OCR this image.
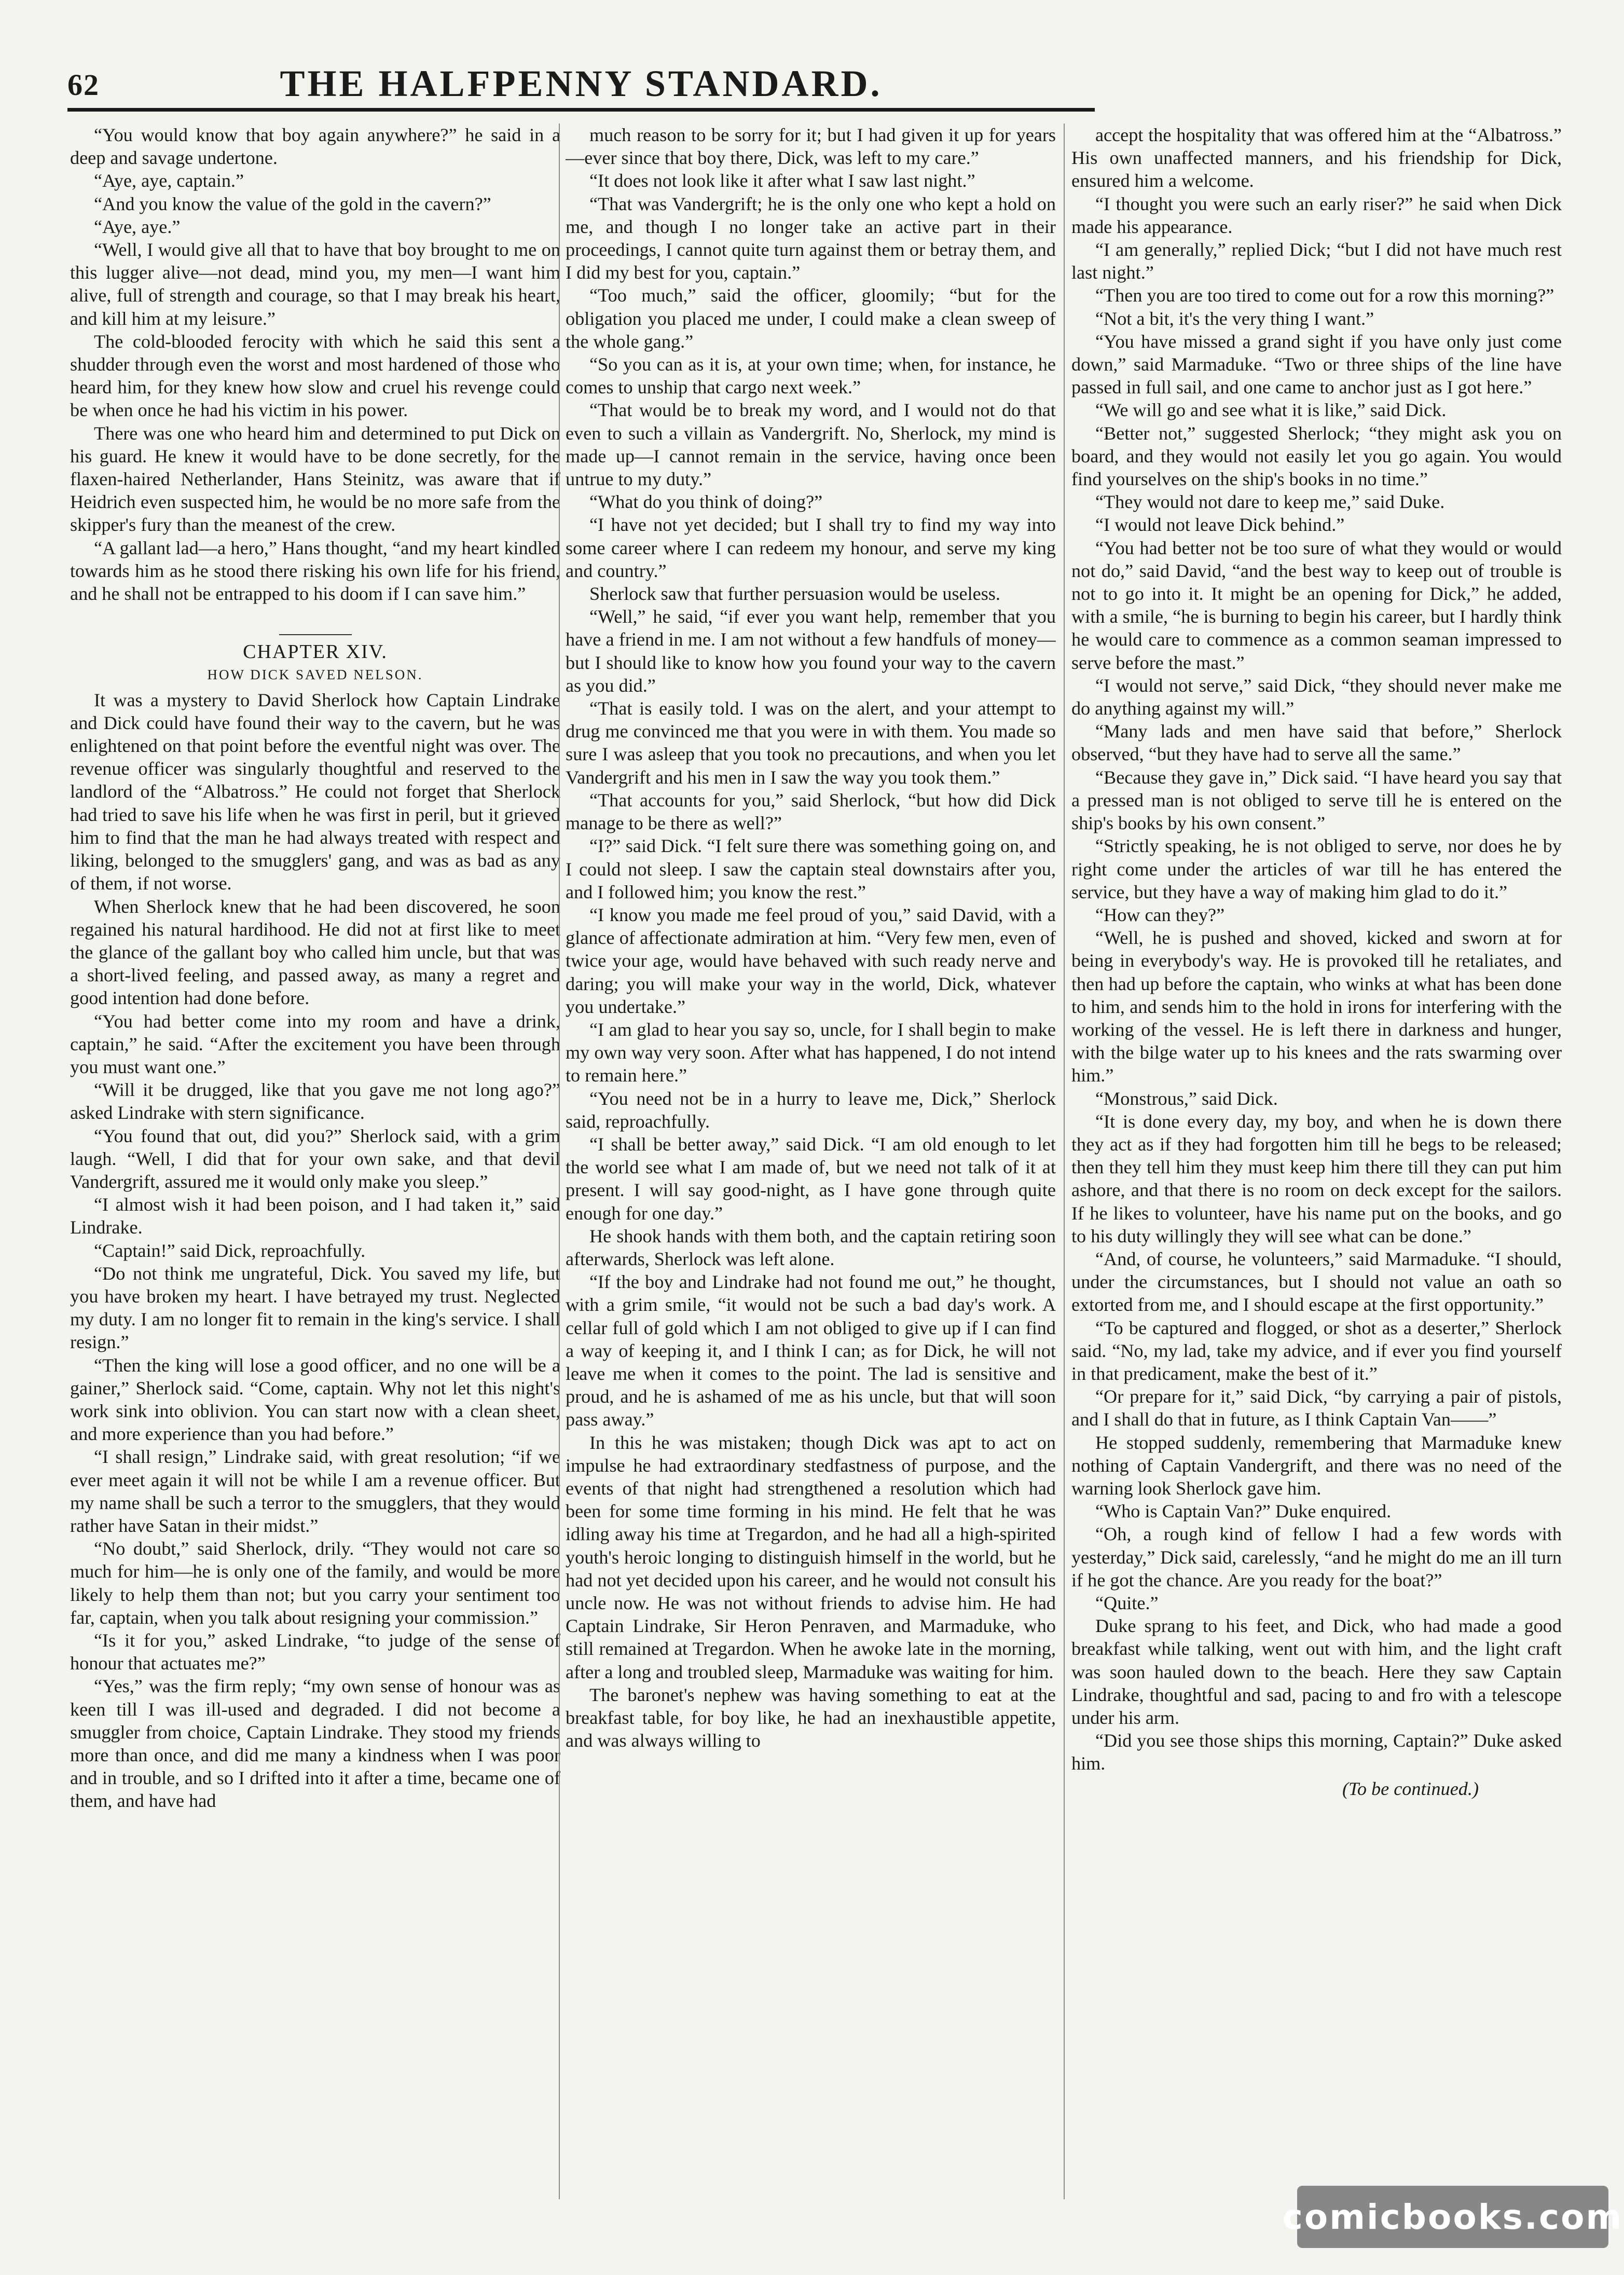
62	THE HALFPENNY STANDARD.

“You would know that boy again anywhere?” he said in a deep and savage undertone.

“Aye, aye, captain.”

“And you know the value of the gold in the cavern?”

“Aye, aye.”

“Well, I would give all that to have that boy brought to me on this lugger alive—not dead, mind you, my men—I want him alive, full of strength and courage, so that I may break his heart, and kill him at my leisure.”

The cold-blooded ferocity with which he said this sent a shudder through even the worst and most hardened of those who heard him, for they knew how slow and cruel his revenge could be when once he had his victim in his power.

There was one who heard him and determined to put Dick on his guard. He knew it would have to be done secretly, for the flaxen-haired Netherlander, Hans Steinitz, was aware that if Heidrich even suspected him, he would be no more safe from the skipper's fury than the meanest of the crew.

“A gallant lad—a hero,” Hans thought, “and my heart kindled towards him as he stood there risking his own life for his friend, and he shall not be entrapped to his doom if I can save him.”

CHAPTER XIV.
HOW DICK SAVED NELSON.

It was a mystery to David Sherlock how Captain Lindrake and Dick could have found their way to the cavern, but he was enlightened on that point before the eventful night was over. The revenue officer was singularly thoughtful and reserved to the landlord of the “Albatross.” He could not forget that Sherlock had tried to save his life when he was first in peril, but it grieved him to find that the man he had always treated with respect and liking, belonged to the smugglers' gang, and was as bad as any of them, if not worse.

When Sherlock knew that he had been discovered, he soon regained his natural hardihood. He did not at first like to meet the glance of the gallant boy who called him uncle, but that was a short-lived feeling, and passed away, as many a regret and good intention had done before.

“You had better come into my room and have a drink, captain,” he said. “After the excitement you have been through you must want one.”

“Will it be drugged, like that you gave me not long ago?” asked Lindrake with stern significance.

“You found that out, did you?” Sherlock said, with a grim laugh. “Well, I did that for your own sake, and that devil Vandergrift, assured me it would only make you sleep.”

“I almost wish it had been poison, and I had taken it,” said Lindrake.

“Captain!” said Dick, reproachfully.

“Do not think me ungrateful, Dick. You saved my life, but you have broken my heart. I have betrayed my trust. Neglected my duty. I am no longer fit to remain in the king's service. I shall resign.”

“Then the king will lose a good officer, and no one will be a gainer,” Sherlock said. “Come, captain. Why not let this night's work sink into oblivion. You can start now with a clean sheet, and more experience than you had before.”

“I shall resign,” Lindrake said, with great resolution; “if we ever meet again it will not be while I am a revenue officer. But my name shall be such a terror to the smugglers, that they would rather have Satan in their midst.”

“No doubt,” said Sherlock, drily. “They would not care so much for him—he is only one of the family, and would be more likely to help them than not; but you carry your sentiment too far, captain, when you talk about resigning your commission.”

“Is it for you,” asked Lindrake, “to judge of the sense of honour that actuates me?”

“Yes,” was the firm reply; “my own sense of honour was as keen till I was ill-used and degraded. I did not become a smuggler from choice, Captain Lindrake. They stood my friends more than once, and did me many a kindness when I was poor and in trouble, and so I drifted into it after a time, became one of them, and have had

much reason to be sorry for it; but I had given it up for years—ever since that boy there, Dick, was left to my care.”

“It does not look like it after what I saw last night.”

“That was Vandergrift; he is the only one who kept a hold on me, and though I no longer take an active part in their proceedings, I cannot quite turn against them or betray them, and I did my best for you, captain.”

“Too much,” said the officer, gloomily; “but for the obligation you placed me under, I could make a clean sweep of the whole gang.”

“So you can as it is, at your own time; when, for instance, he comes to unship that cargo next week.”

“That would be to break my word, and I would not do that even to such a villain as Vandergrift. No, Sherlock, my mind is made up—I cannot remain in the service, having once been untrue to my duty.”

“What do you think of doing?”

“I have not yet decided; but I shall try to find my way into some career where I can redeem my honour, and serve my king and country.”

Sherlock saw that further persuasion would be useless.

“Well,” he said, “if ever you want help, remember that you have a friend in me. I am not without a few handfuls of money—but I should like to know how you found your way to the cavern as you did.”

“That is easily told. I was on the alert, and your attempt to drug me convinced me that you were in with them. You made so sure I was asleep that you took no precautions, and when you let Vandergrift and his men in I saw the way you took them.”

“That accounts for you,” said Sherlock, “but how did Dick manage to be there as well?”

“I?” said Dick. “I felt sure there was something going on, and I could not sleep. I saw the captain steal downstairs after you, and I followed him; you know the rest.”

“I know you made me feel proud of you,” said David, with a glance of affectionate admiration at him. “Very few men, even of twice your age, would have behaved with such ready nerve and daring; you will make your way in the world, Dick, whatever you undertake.”

“I am glad to hear you say so, uncle, for I shall begin to make my own way very soon. After what has happened, I do not intend to remain here.”

“You need not be in a hurry to leave me, Dick,” Sherlock said, reproachfully.

“I shall be better away,” said Dick. “I am old enough to let the world see what I am made of, but we need not talk of it at present. I will say good-night, as I have gone through quite enough for one day.”

He shook hands with them both, and the captain retiring soon afterwards, Sherlock was left alone.

“If the boy and Lindrake had not found me out,” he thought, with a grim smile, “it would not be such a bad day's work. A cellar full of gold which I am not obliged to give up if I can find a way of keeping it, and I think I can; as for Dick, he will not leave me when it comes to the point. The lad is sensitive and proud, and he is ashamed of me as his uncle, but that will soon pass away.”

In this he was mistaken; though Dick was apt to act on impulse he had extraordinary stedfastness of purpose, and the events of that night had strengthened a resolution which had been for some time forming in his mind. He felt that he was idling away his time at Tregardon, and he had all a high-spirited youth's heroic longing to distinguish himself in the world, but he had not yet decided upon his career, and he would not consult his uncle now. He was not without friends to advise him. He had Captain Lindrake, Sir Heron Penraven, and Marmaduke, who still remained at Tregardon. When he awoke late in the morning, after a long and troubled sleep, Marmaduke was waiting for him.

The baronet's nephew was having something to eat at the breakfast table, for boy like, he had an inexhaustible appetite, and was always willing to

accept the hospitality that was offered him at the “Albatross.” His own unaffected manners, and his friendship for Dick, ensured him a welcome.

“I thought you were such an early riser?” he said when Dick made his appearance.

“I am generally,” replied Dick; “but I did not have much rest last night.”

“Then you are too tired to come out for a row this morning?”

“Not a bit, it's the very thing I want.”

“You have missed a grand sight if you have only just come down,” said Marmaduke. “Two or three ships of the line have passed in full sail, and one came to anchor just as I got here.”

“We will go and see what it is like,” said Dick.

“Better not,” suggested Sherlock; “they might ask you on board, and they would not easily let you go again. You would find yourselves on the ship's books in no time.”

“They would not dare to keep me,” said Duke.

“I would not leave Dick behind.”

“You had better not be too sure of what they would or would not do,” said David, “and the best way to keep out of trouble is not to go into it. It might be an opening for Dick,” he added, with a smile, “he is burning to begin his career, but I hardly think he would care to commence as a common seaman impressed to serve before the mast.”

“I would not serve,” said Dick, “they should never make me do anything against my will.”

“Many lads and men have said that before,” Sherlock observed, “but they have had to serve all the same.”

“Because they gave in,” Dick said. “I have heard you say that a pressed man is not obliged to serve till he is entered on the ship's books by his own consent.”

“Strictly speaking, he is not obliged to serve, nor does he by right come under the articles of war till he has entered the service, but they have a way of making him glad to do it.”

“How can they?”

“Well, he is pushed and shoved, kicked and sworn at for being in everybody's way. He is provoked till he retaliates, and then had up before the captain, who winks at what has been done to him, and sends him to the hold in irons for interfering with the working of the vessel. He is left there in darkness and hunger, with the bilge water up to his knees and the rats swarming over him.”

“Monstrous,” said Dick.

“It is done every day, my boy, and when he is down there they act as if they had forgotten him till he begs to be released; then they tell him they must keep him there till they can put him ashore, and that there is no room on deck except for the sailors. If he likes to volunteer, have his name put on the books, and go to his duty willingly they will see what can be done.”

“And, of course, he volunteers,” said Marmaduke. “I should, under the circumstances, but I should not value an oath so extorted from me, and I should escape at the first opportunity.”

“To be captured and flogged, or shot as a deserter,” Sherlock said. “No, my lad, take my advice, and if ever you find yourself in that predicament, make the best of it.”

“Or prepare for it,” said Dick, “by carrying a pair of pistols, and I shall do that in future, as I think Captain Van——”

He stopped suddenly, remembering that Marmaduke knew nothing of Captain Vandergrift, and there was no need of the warning look Sherlock gave him.

“Who is Captain Van?” Duke enquired.

“Oh, a rough kind of fellow I had a few words with yesterday,” Dick said, carelessly, “and he might do me an ill turn if he got the chance. Are you ready for the boat?”

“Quite.”

Duke sprang to his feet, and Dick, who had made a good breakfast while talking, went out with him, and the light craft was soon hauled down to the beach. Here they saw Captain Lindrake, thoughtful and sad, pacing to and fro with a telescope under his arm.

“Did you see those ships this morning, Captain?” Duke asked him.

(To be continued.)
comicbooks.com
